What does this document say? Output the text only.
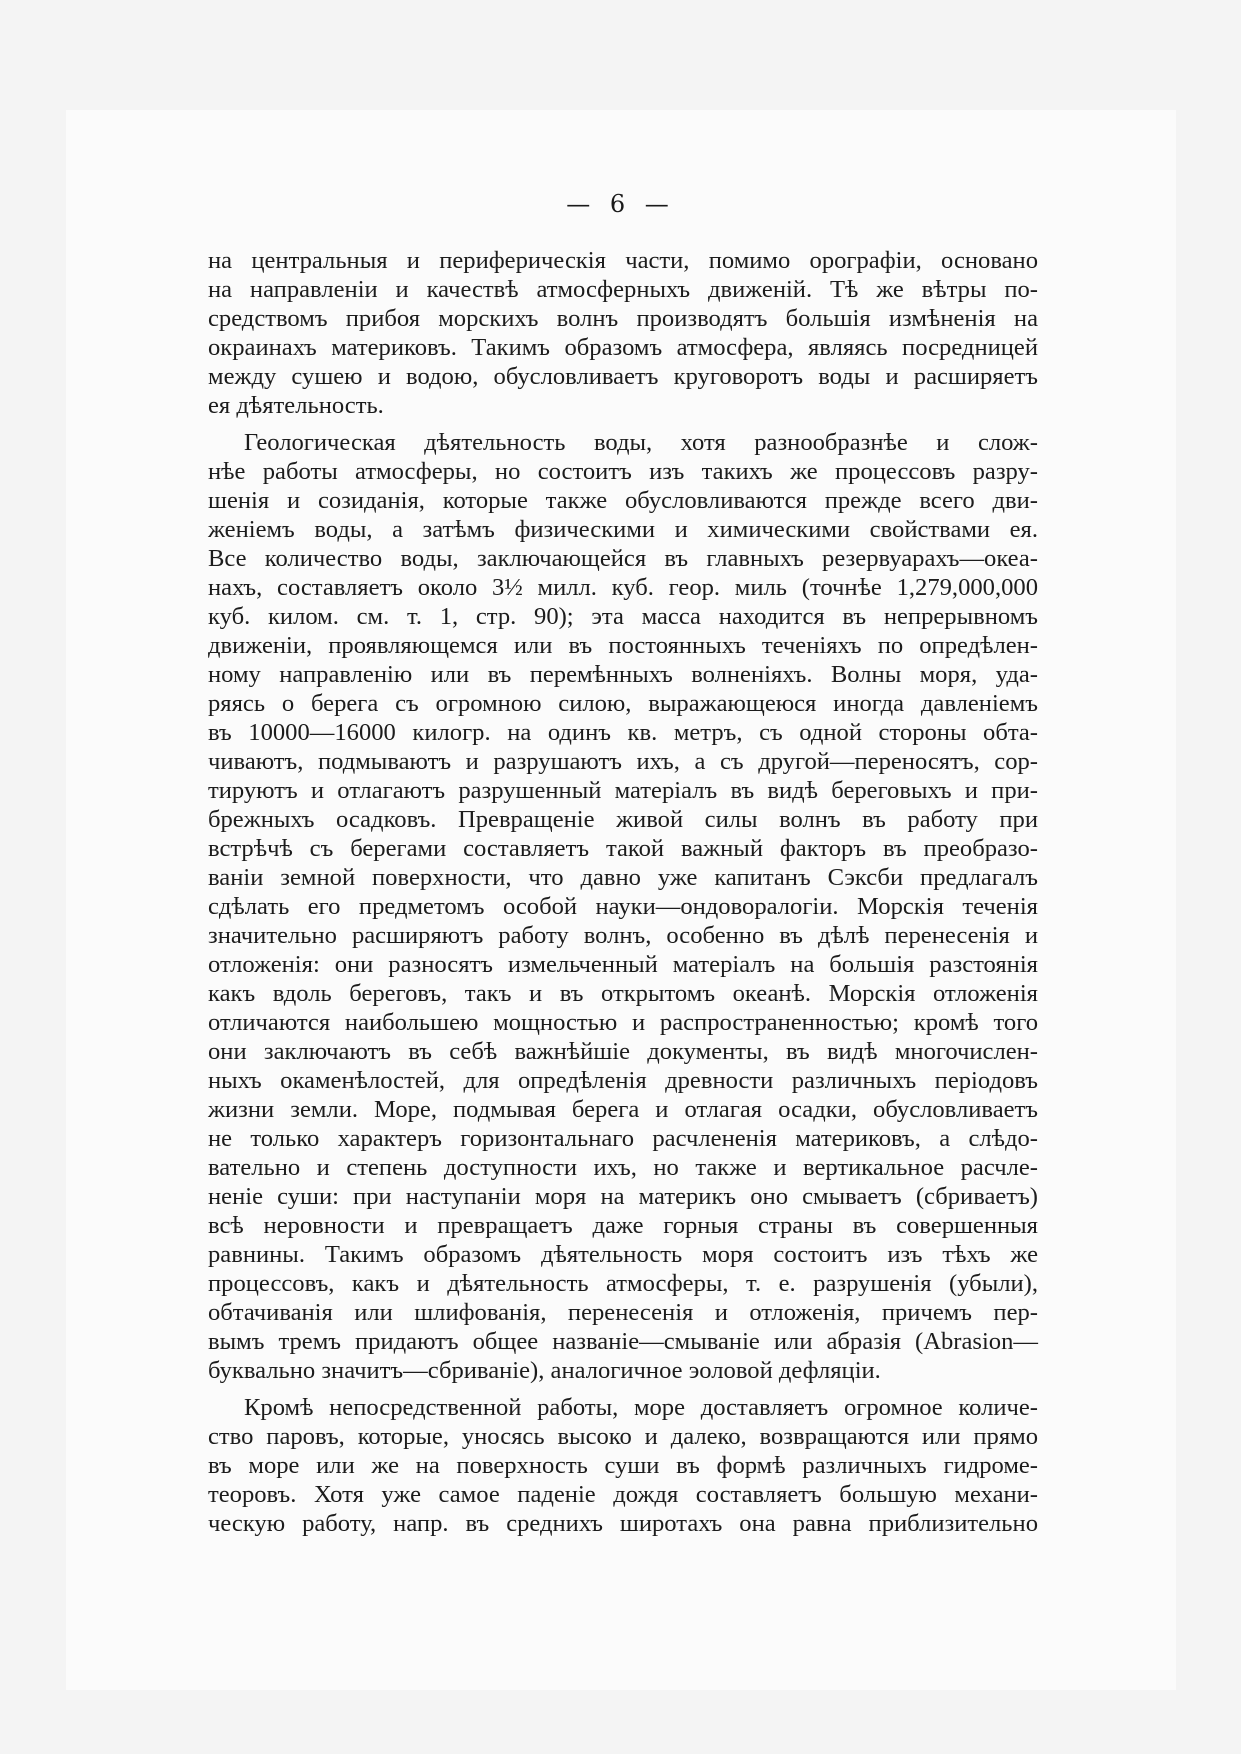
— 6 —
на центральныя и периферическія части, помимо орографіи, основано
на направленіи и качествѣ атмосферныхъ движеній. Тѣ же вѣтры по-
средствомъ прибоя морскихъ волнъ производятъ большія измѣненія на
окраинахъ материковъ. Такимъ образомъ атмосфера, являясь посредницей
между сушею и водою, обусловливаетъ круговоротъ воды и расширяетъ
ея дѣятельность.
Геологическая дѣятельность воды, хотя разнообразнѣе и слож-
нѣе работы атмосферы, но состоитъ изъ такихъ же процессовъ разру-
шенія и созиданія, которые также обусловливаются прежде всего дви-
женіемъ воды, а затѣмъ физическими и химическими свойствами ея.
Все количество воды, заключающейся въ главныхъ резервуарахъ—океа-
нахъ, составляетъ около 3½ милл. куб. геор. миль (точнѣе 1,279,000,000
куб. килом. см. т. 1, стр. 90); эта масса находится въ непрерывномъ
движеніи, проявляющемся или въ постоянныхъ теченіяхъ по опредѣлен-
ному направленію или въ перемѣнныхъ волненіяхъ. Волны моря, уда-
ряясь о берега съ огромною силою, выражающеюся иногда давленіемъ
въ 10000—16000 килогр. на одинъ кв. метръ, съ одной стороны обта-
чиваютъ, подмываютъ и разрушаютъ ихъ, а съ другой—переносятъ, сор-
тируютъ и отлагаютъ разрушенный матеріалъ въ видѣ береговыхъ и при-
брежныхъ осадковъ. Превращеніе живой силы волнъ въ работу при
встрѣчѣ съ берегами составляетъ такой важный факторъ въ преобразо-
ваніи земной поверхности, что давно уже капитанъ Сэксби предлагалъ
сдѣлать его предметомъ особой науки—ондоворалогіи. Морскія теченія
значительно расширяютъ работу волнъ, особенно въ дѣлѣ перенесенія и
отложенія: они разносятъ измельченный матеріалъ на большія разстоянія
какъ вдоль береговъ, такъ и въ открытомъ океанѣ. Морскія отложенія
отличаются наибольшею мощностью и распространенностью; кромѣ того
они заключаютъ въ себѣ важнѣйшіе документы, въ видѣ многочислен-
ныхъ окаменѣлостей, для опредѣленія древности различныхъ періодовъ
жизни земли. Море, подмывая берега и отлагая осадки, обусловливаетъ
не только характеръ горизонтальнаго расчлененія материковъ, а слѣдо-
вательно и степень доступности ихъ, но также и вертикальное расчле-
неніе суши: при наступаніи моря на материкъ оно смываетъ (сбриваетъ)
всѣ неровности и превращаетъ даже горныя страны въ совершенныя
равнины. Такимъ образомъ дѣятельность моря состоитъ изъ тѣхъ же
процессовъ, какъ и дѣятельность атмосферы, т. е. разрушенія (убыли),
обтачиванія или шлифованія, перенесенія и отложенія, причемъ пер-
вымъ тремъ придаютъ общее названіе—смываніе или абразія (Abrasion—
буквально значитъ—сбриваніе), аналогичное эоловой дефляціи.
Кромѣ непосредственной работы, море доставляетъ огромное количе-
ство паровъ, которые, уносясь высоко и далеко, возвращаются или прямо
въ море или же на поверхность суши въ формѣ различныхъ гидроме-
теоровъ. Хотя уже самое паденіе дождя составляетъ большую механи-
ческую работу, напр. въ среднихъ широтахъ она равна приблизительно
